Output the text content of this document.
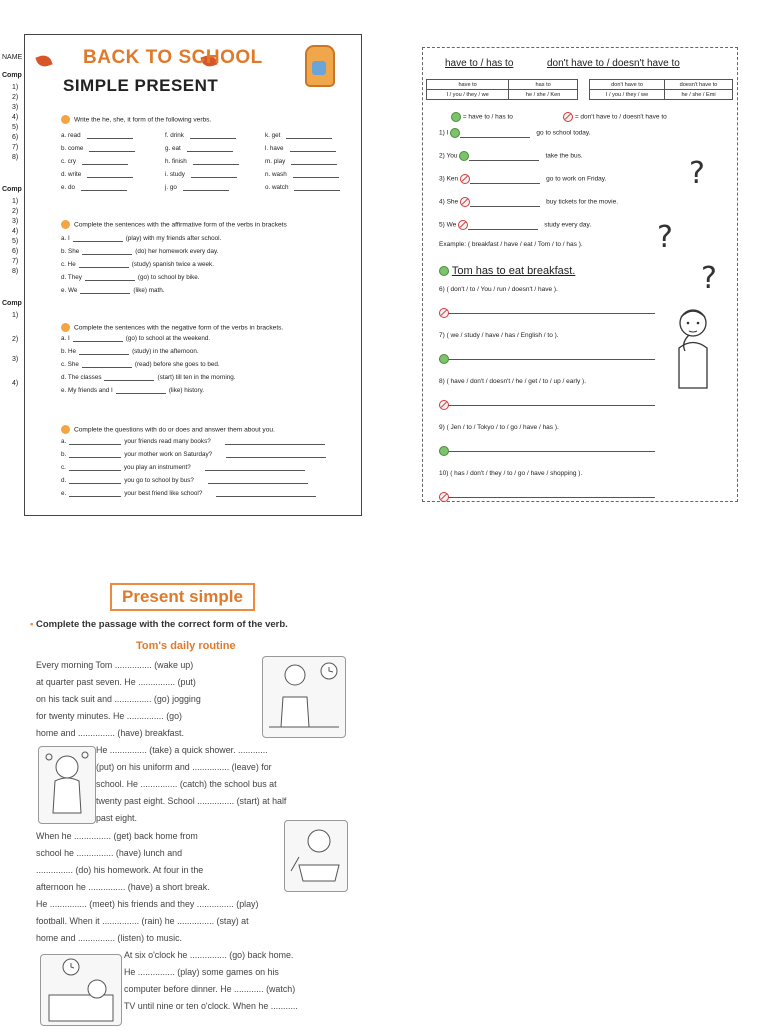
NAME
Comp
1)
2)
3)
4)
5)
6)
7)
8)
Comp
1)
2)
3)
4)
5)
6)
7)
8)
Comp
1)
2)
3)
4)
BACK TO SCHOOL
SIMPLE PRESENT
Write the he, she, it form of the following verbs.
a. read	f. drink	k. get
b. come	g. eat	l. have
c. cry	h. finish	m. play
d. write	i. study	n. wash
e. do	j. go	o. watch
Complete the sentences with the affirmative form of the verbs in brackets
a. I	(play) with my friends after school.
b. She	(do) her homework every day.
c. He	(study) spanish twice a week.
d. They	(go) to school by bike.
e. We	(like) math.
Complete the sentences with the negative form of the verbs in brackets.
a. I	(go) to school at the weekend.
b. He	(study) in the afternoon.
c. She	(read) before she goes to bed.
d. The classes	(start) till ten in the morning.
e. My friends and I	(like) history.
Complete the questions with do or does and answer them about you.
a.	your friends read many books?
b.	your mother work on Saturday?
c.	you play an instrument?
d.	you go to school by bus?
e.	your best friend like school?
have to / has to	don't have to / doesn't have to
have to	has to
I / you / they / we	he / she / Ken
don't have to	doesn't have to
I / you / they / we	he / she / Emi
= have to / has to	= don't have to / doesn't have to
1) I	go to school today.
2) You	take the bus.
3) Ken	go to work on Friday.
4) She	buy tickets for the movie.
5) We	study every day.
Example: ( breakfast / have / eat / Tom / to / has ).
Tom has to eat breakfast.
6) ( don't / to / You / run / doesn't / have ).
7) ( we / study / have / has / English / to ).
8) ( have / don't / doesn't / he / get / to / up / early ).
9) ( Jen / to / Tokyo / to / go / have / has ).
10) ( has / don't / they / to / go / have / shopping ).
?
?
?
Present simple
• Complete the passage with the correct form of the verb.
Tom's daily routine
Every morning Tom ............... (wake up)
at quarter past seven. He ............... (put)
on his tack suit and ............... (go) jogging
for twenty minutes. He ............... (go)
home and ............... (have) breakfast.
He ............... (take) a quick shower. ............
(put) on his uniform and ............... (leave) for
school. He ............... (catch) the school bus at
twenty past eight. School ............... (start) at half
past eight.
When he ............... (get) back home from
school he ............... (have) lunch and
............... (do) his homework. At four in the
afternoon he ............... (have) a short break.
He ............... (meet) his friends and they ............... (play)
football. When it ............... (rain) he ............... (stay) at
home and ............... (listen) to music.
At six o'clock he ............... (go) back home.
He ............... (play) some games on his
computer before dinner. He ............ (watch)
TV until nine or ten o'clock. When he ...........
